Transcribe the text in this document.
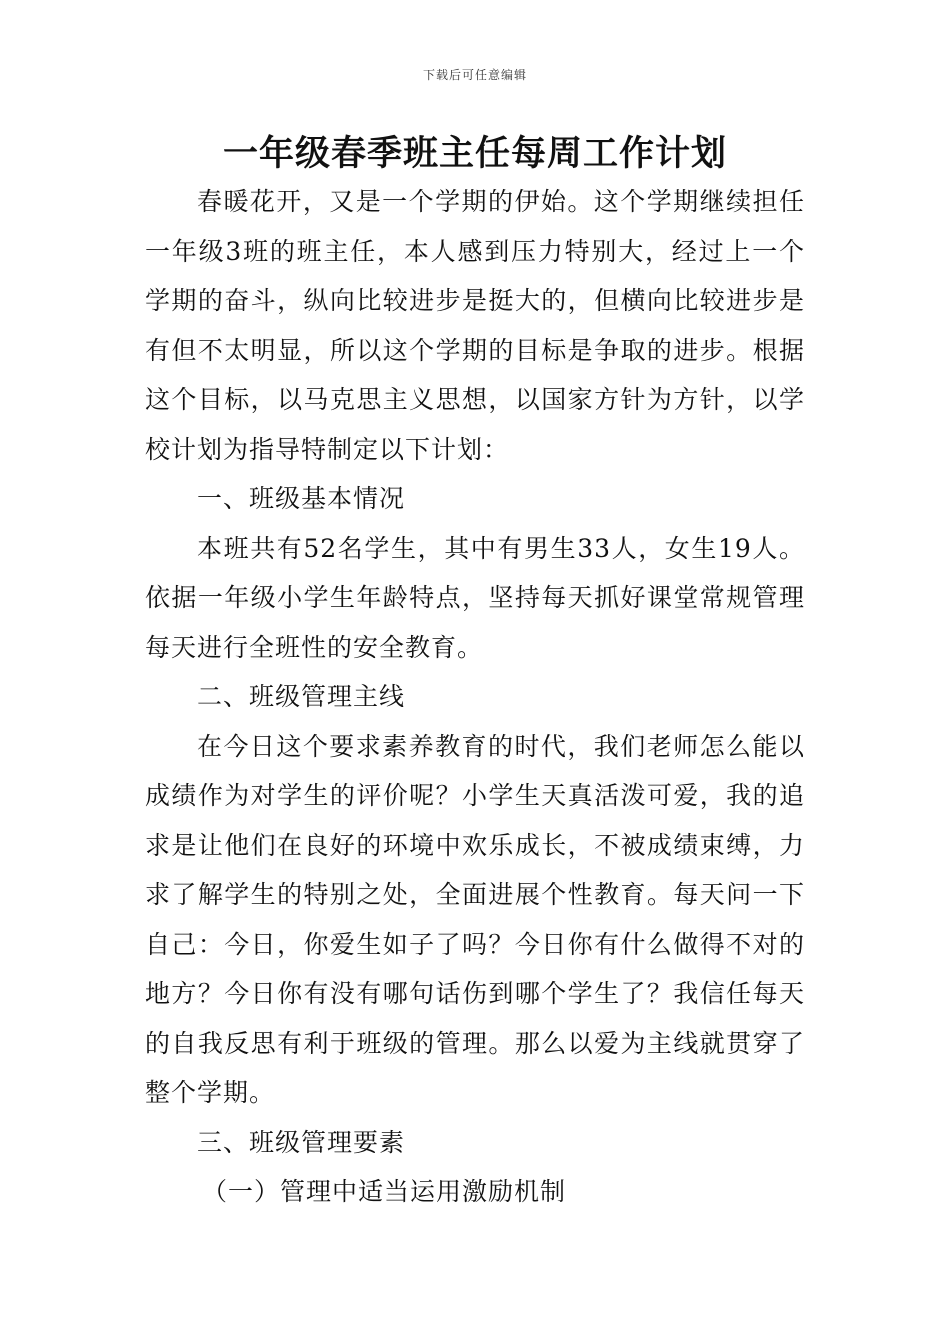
下载后可任意编辑
一年级春季班主任每周工作计划

春暖花开，又是一个学期的伊始。这个学期继续担任一年级3班的班主任，本人感到压力特别大，经过上一个学期的奋斗，纵向比较进步是挺大的，但横向比较进步是有但不太明显，所以这个学期的目标是争取的进步。根据这个目标，以马克思主义思想，以国家方针为方针，以学校计划为指导特制定以下计划：

一、班级基本情况

本班共有52名学生，其中有男生33人，女生19人。依据一年级小学生年龄特点，坚持每天抓好课堂常规管理每天进行全班性的安全教育。

二、班级管理主线

在今日这个要求素养教育的时代，我们老师怎么能以成绩作为对学生的评价呢？小学生天真活泼可爱，我的追求是让他们在良好的环境中欢乐成长，不被成绩束缚，力求了解学生的特别之处，全面进展个性教育。每天问一下自己：今日，你爱生如子了吗？今日你有什么做得不对的地方？今日你有没有哪句话伤到哪个学生了？我信任每天的自我反思有利于班级的管理。那么以爱为主线就贯穿了整个学期。

三、班级管理要素

（一）管理中适当运用激励机制
